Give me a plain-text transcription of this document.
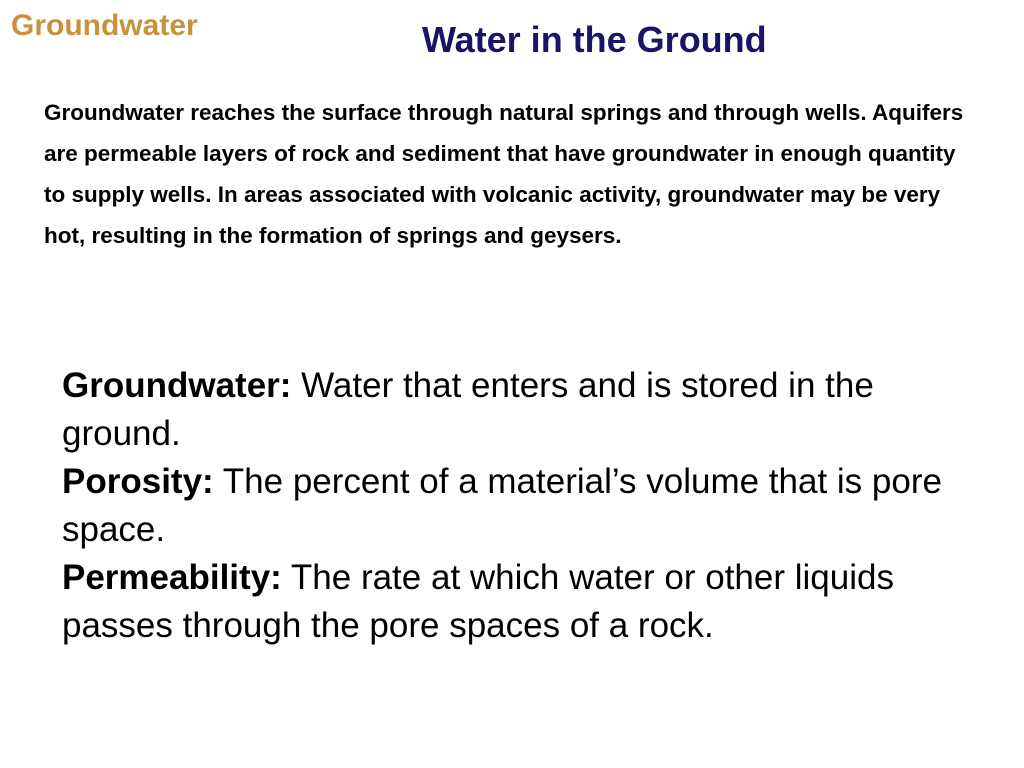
Groundwater	Water in the Ground

Groundwater reaches the surface through natural springs and through wells. Aquifers are permeable layers of rock and sediment that have groundwater in enough quantity to supply wells. In areas associated with volcanic activity, groundwater may be very hot, resulting in the formation of springs and geysers.

Groundwater: Water that enters and is stored in the ground.
Porosity: The percent of a material’s volume that is pore space.
Permeability: The rate at which water or other liquids passes through the pore spaces of a rock.
